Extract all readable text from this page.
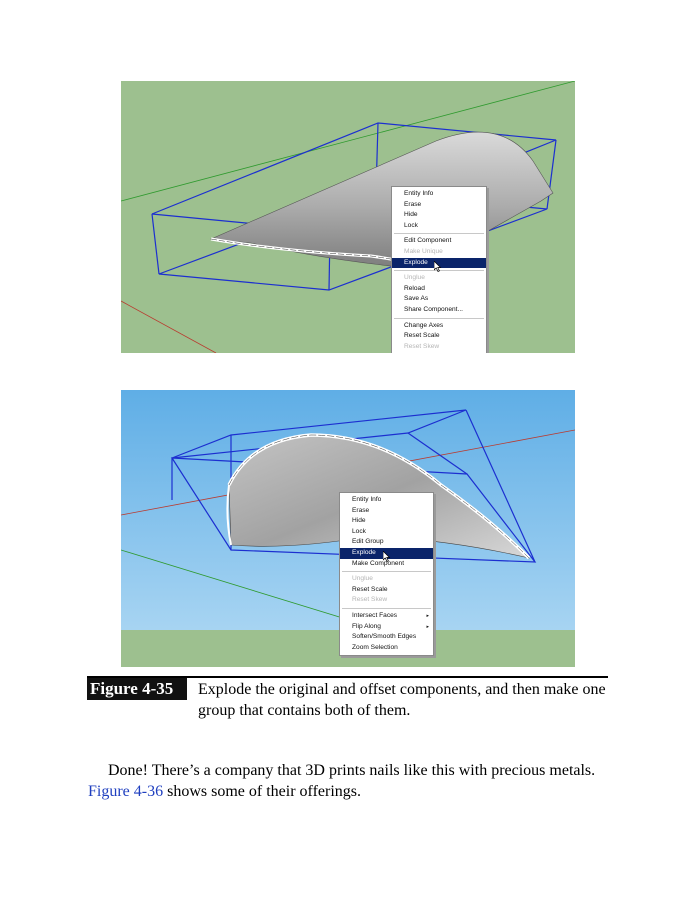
Entity Info
Erase
Hide
Lock
Edit Component
Make Unique
Explode
Unglue
Reload
Save As
Share Component...
Change Axes
Reset Scale
Reset Skew
Entity Info
Erase
Hide
Lock
Edit Group
Explode
Make Component
Unglue
Reset Scale
Reset Skew
Intersect Faces	▸
Flip Along	▸
Soften/Smooth Edges
Zoom Selection
Figure 4-35	Explode the original and offset components, and then make one group that contains both of them.

Done! There’s a company that 3D prints nails like this with precious metals. Figure 4-36 shows some of their offerings.
